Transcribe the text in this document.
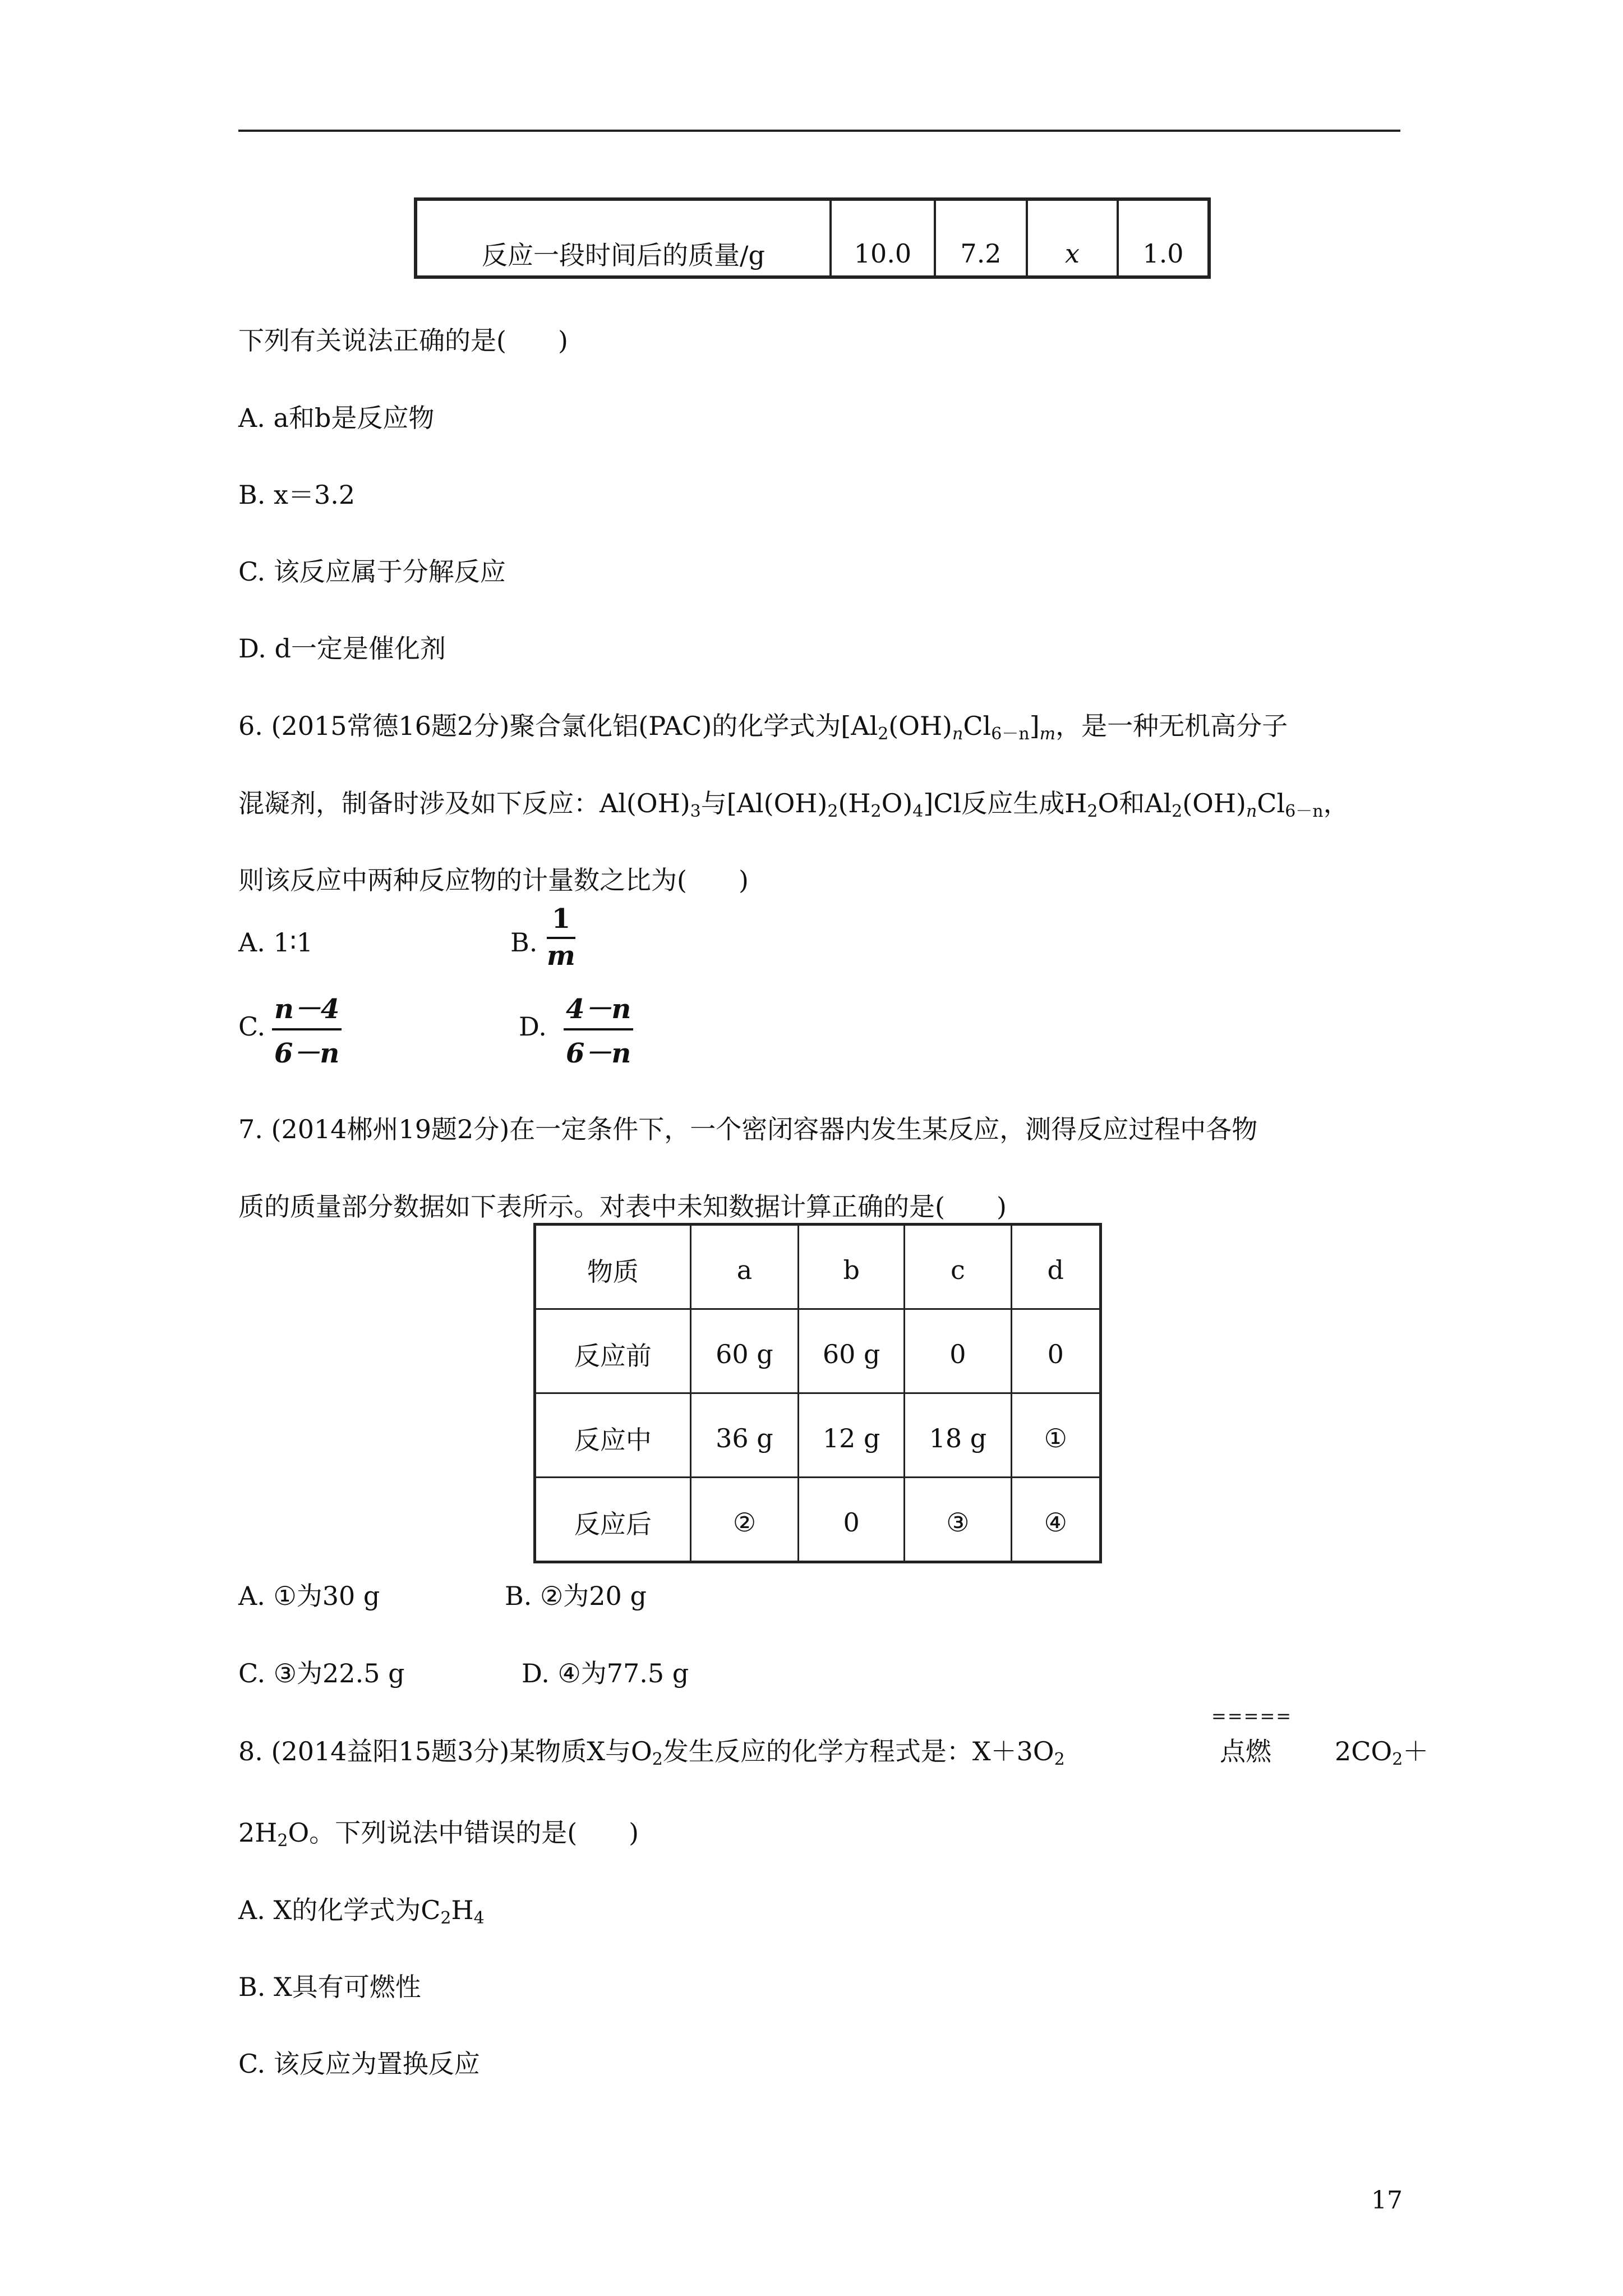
反应一段时间后的质量/g	10.0	7.2	x	1.0
下列有关说法正确的是(　　)
A. a和b是反应物
B. x＝3.2
C. 该反应属于分解反应
D. d一定是催化剂
6. (2015常德16题2分)聚合氯化铝(PAC)的化学式为$[Al_2(OH)_nCl_{6-n}]_m$，是一种无机高分子
混凝剂，制备时涉及如下反应：$Al(OH)_3$与$[Al(OH)_2(H_2O)_4]Cl$反应生成$H_2O$和$Al_2(OH)_nCl_{6-n}$，
则该反应中两种反应物的计量数之比为(　　)
A. 1∶1	B. $\frac{1}{m}$
C. $\frac{n-4}{6-n}$	D. $\frac{4-n}{6-n}$
7. (2014郴州19题2分)在一定条件下，一个密闭容器内发生某反应，测得反应过程中各物
质的质量部分数据如下表所示。对表中未知数据计算正确的是(　　)
物质	a	b	c	d
反应前	60 g	60 g	0	0
反应中	36 g	12 g	18 g	①
反应后	②	0	③	④
A. ①为30 g	B. ②为20 g
C. ③为22.5 g	D. ④为77.5 g
8. (2014益阳15题3分)某物质X与$O_2$发生反应的化学方程式是：$X+3O_2$
=====
点燃 $2CO_2+$
$2H_2O$。下列说法中错误的是(　　)
A. X的化学式为$C_2H_4$
B. X具有可燃性
C. 该反应为置换反应
17
